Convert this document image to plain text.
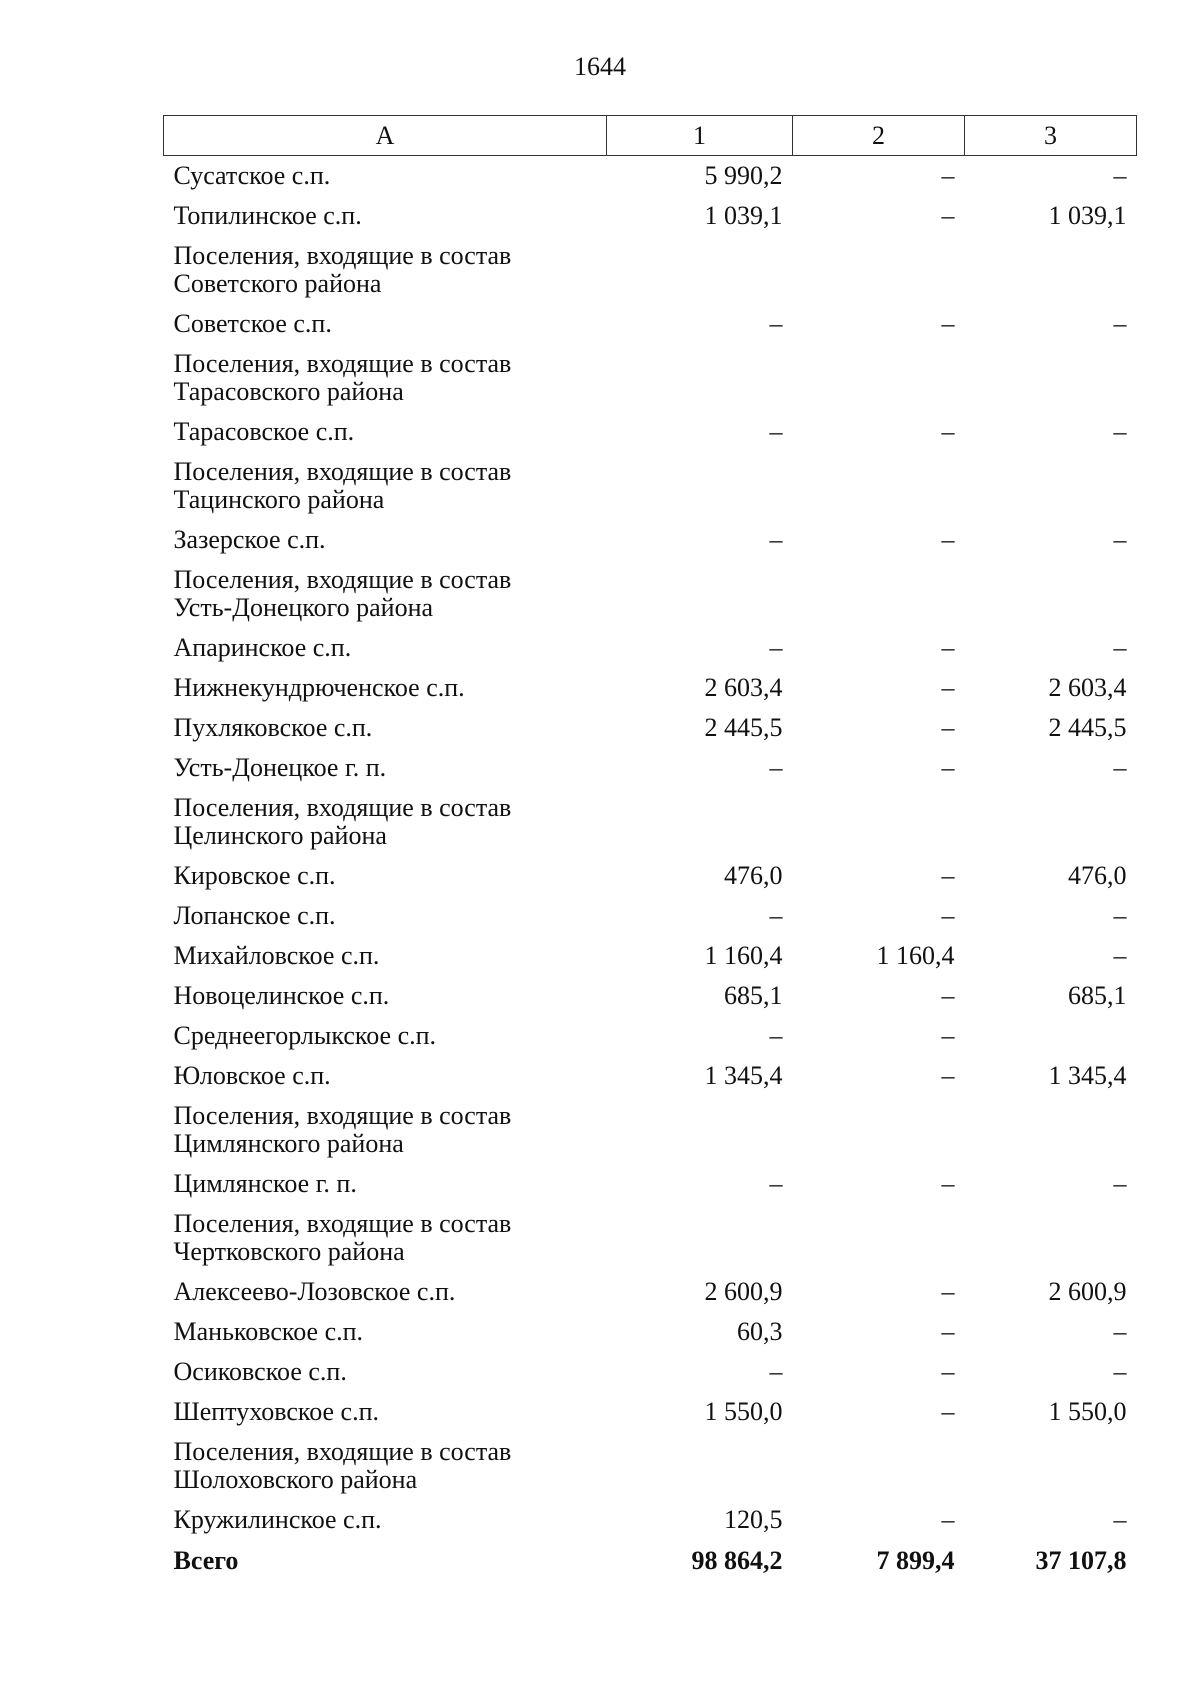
1644
А	1	2	3
Сусатское с.п.	5 990,2	–	–
Топилинское с.п.	1 039,1	–	1 039,1
Поселения, входящие в состав
Советского района			
Советское с.п.	–	–	–
Поселения, входящие в состав
Тарасовского района			
Тарасовское с.п.	–	–	–
Поселения, входящие в состав
Тацинского района			
Зазерское с.п.	–	–	–
Поселения, входящие в состав
Усть-Донецкого района			
Апаринское с.п.	–	–	–
Нижнекундрюченское с.п.	2 603,4	–	2 603,4
Пухляковское с.п.	2 445,5	–	2 445,5
Усть-Донецкое г. п.	–	–	–
Поселения, входящие в состав
Целинского района			
Кировское с.п.	476,0	–	476,0
Лопанское с.п.	–	–	–
Михайловское с.п.	1 160,4	1 160,4	–
Новоцелинское с.п.	685,1	–	685,1
Среднеегорлыкское с.п.	–	–	
Юловское с.п.	1 345,4	–	1 345,4
Поселения, входящие в состав
Цимлянского района			
Цимлянское г. п.	–	–	–
Поселения, входящие в состав
Чертковского района			
Алексеево-Лозовское с.п.	2 600,9	–	2 600,9
Маньковское с.п.	60,3	–	–
Осиковское с.п.	–	–	–
Шептуховское с.п.	1 550,0	–	1 550,0
Поселения, входящие в состав
Шолоховского района			
Кружилинское с.п.	120,5	–	–
Всего	98 864,2	7 899,4	37 107,8
